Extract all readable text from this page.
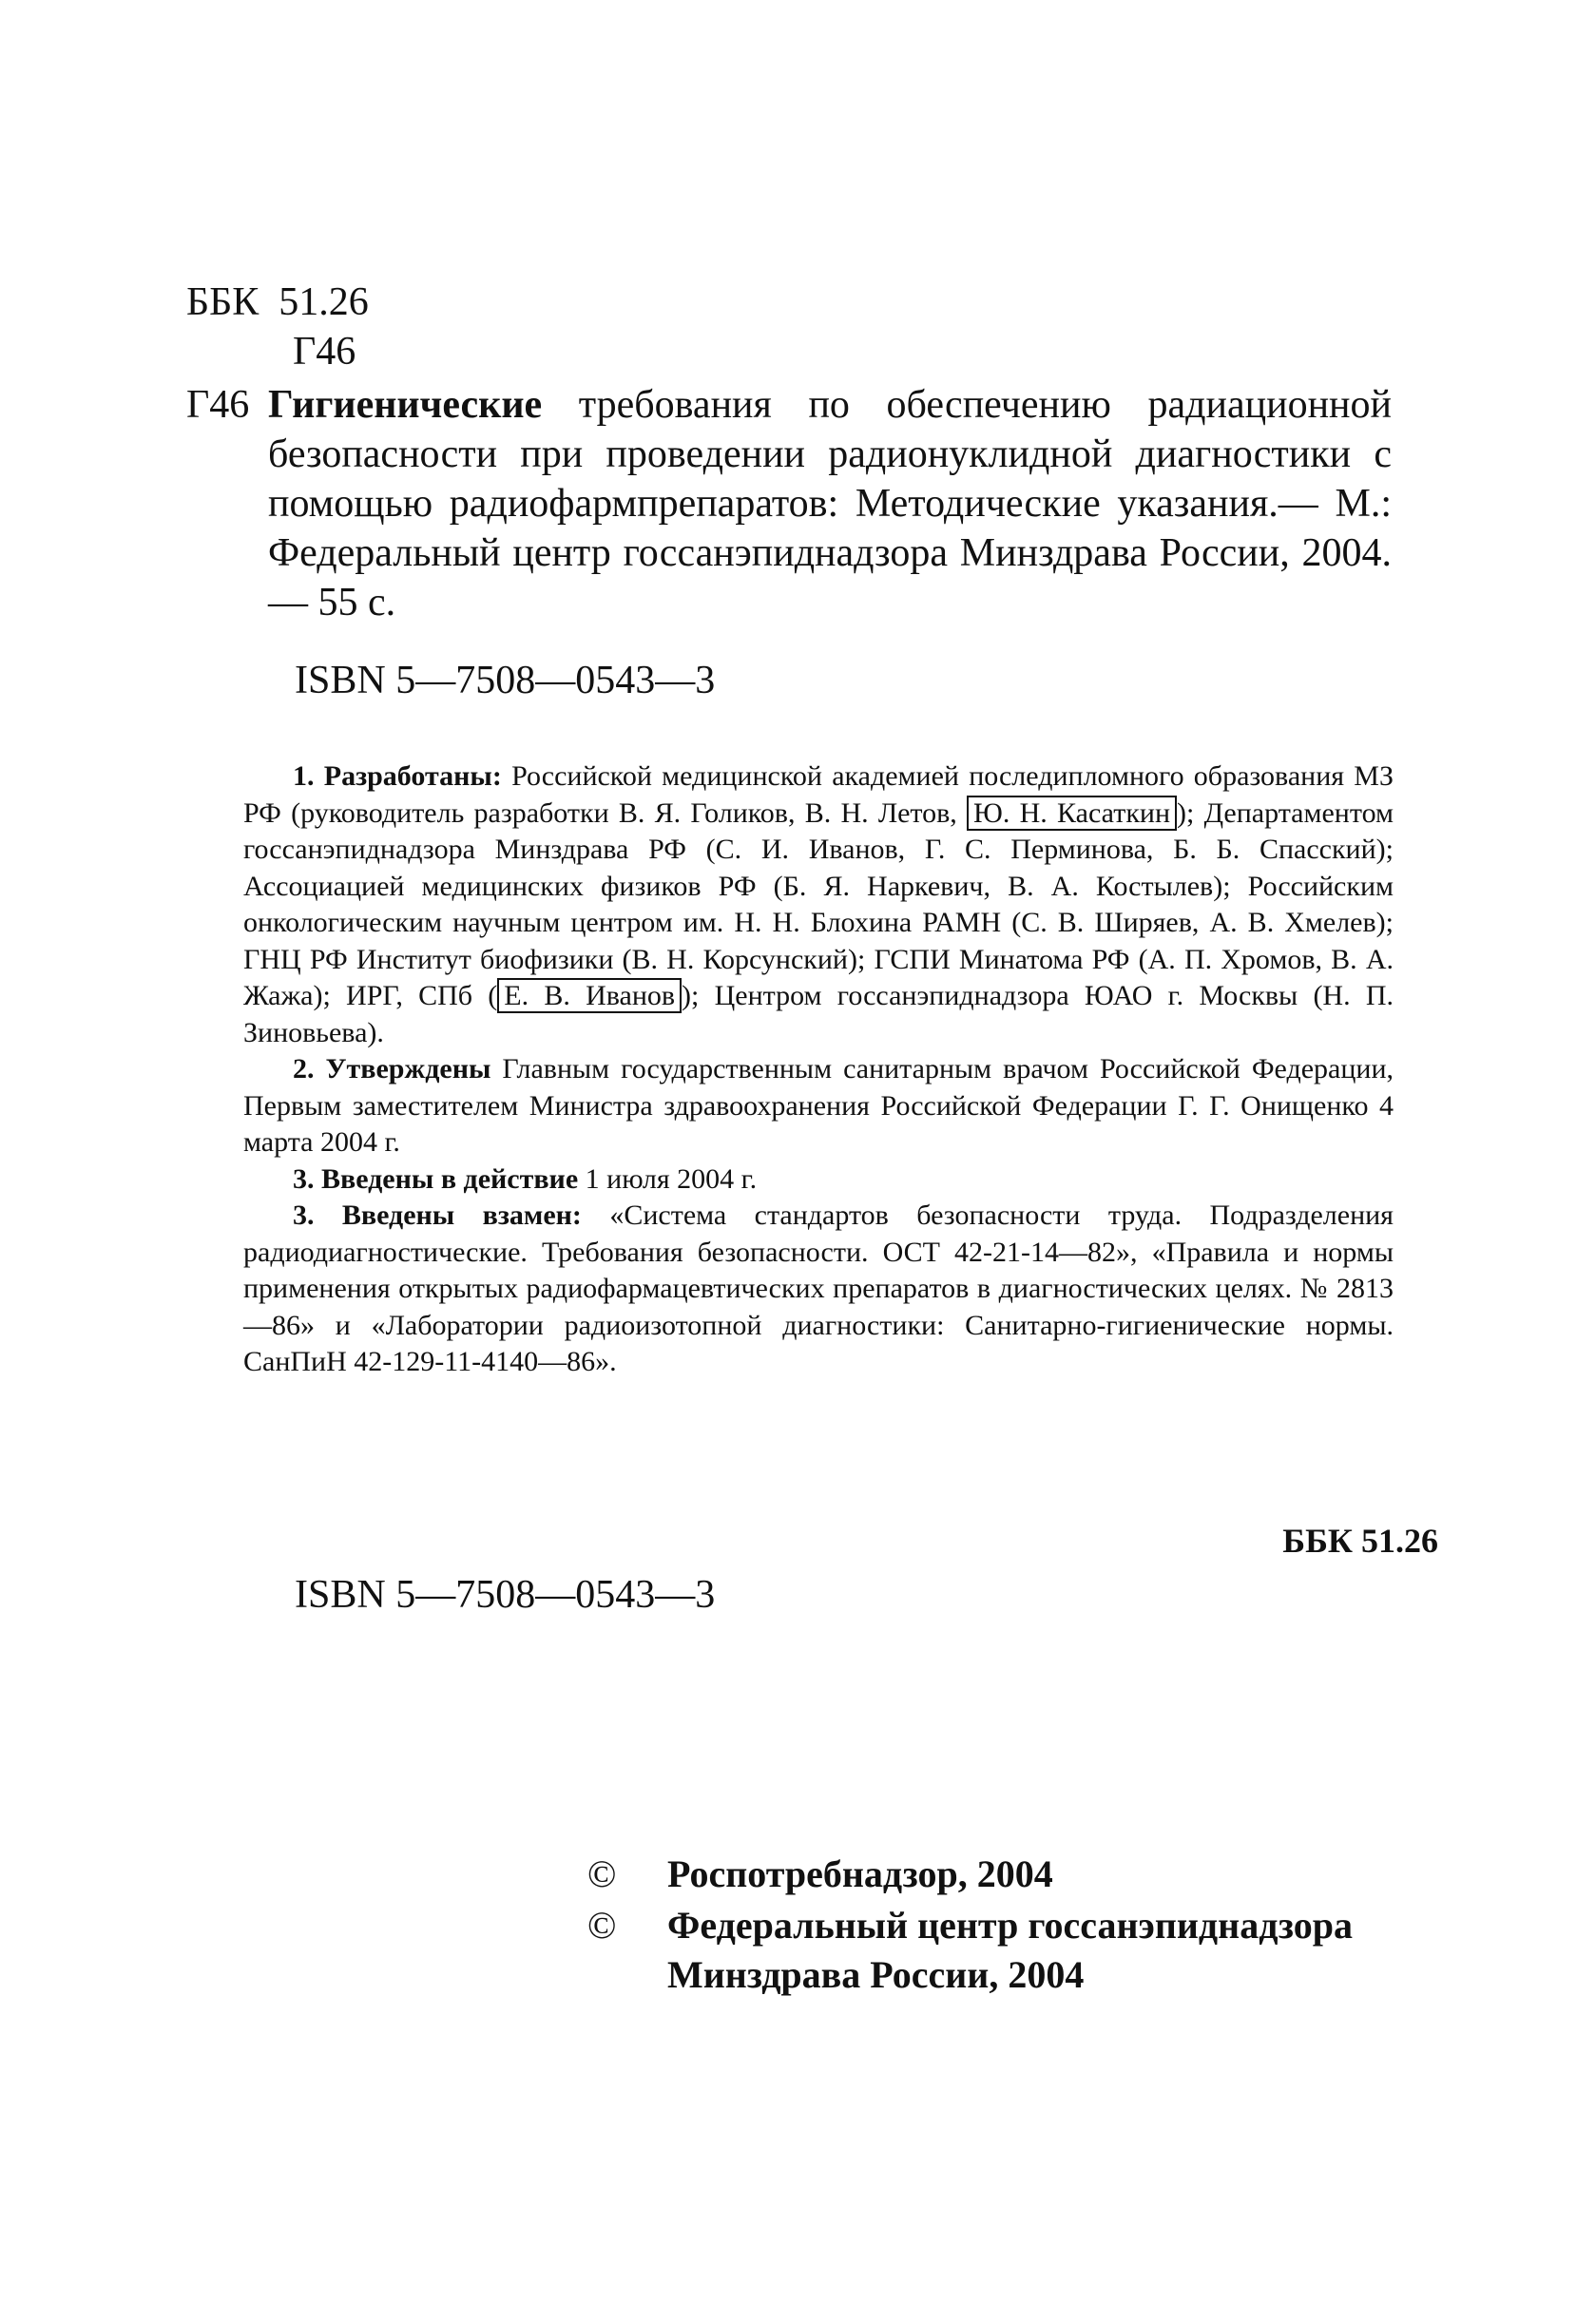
ББК  51.26
Г46
Г46 Гигиенические требования по обеспечению радиационной безопасности при проведении радионуклидной диагностики с помощью радиофармпрепаратов: Методические указания.— М.: Федеральный центр госсанэпиднадзора Минздрава России, 2004.— 55 с.
ISBN 5—7508—0543—3

1. Разработаны: Российской медицинской академией последипломного образования МЗ РФ (руководитель разработки В. Я. Голиков, В. Н. Летов, Ю. Н. Касаткин ); Департаментом госсанэпиднадзора Минздрава РФ (С. И. Иванов, Г. С. Перминова, Б. Б. Спасский); Ассоциацией медицинских физиков РФ (Б. Я. Наркевич, В. А. Костылев); Российским онкологическим научным центром им. Н. Н. Блохина РАМН (С. В. Ширяев, А. В. Хмелев); ГНЦ РФ Институт биофизики (В. Н. Корсунский); ГСПИ Минатома РФ (А. П. Хромов, В. А. Жажа); ИРГ, СПб ( Е. В. Иванов ); Центром госсанэпиднадзора ЮАО г. Москвы (Н. П. Зиновьева).

2. Утверждены Главным государственным санитарным врачом Российской Федерации, Первым заместителем Министра здравоохранения Российской Федерации Г. Г. Онищенко 4 марта 2004 г.

3. Введены в действие 1 июля 2004 г.

3. Введены взамен: «Система стандартов безопасности труда. Подразделения радиодиагностические. Требования безопасности. ОСТ 42-21-14—82», «Правила и нормы применения открытых радиофармацевтических препаратов в диагностических целях. № 2813—86» и «Лаборатории радиоизотопной диагностики: Санитарно-гигиенические нормы. СанПиН 42-129-11-4140—86».

ББК 51.26
ISBN 5—7508—0543—3
© Роспотребнадзор, 2004
© Федеральный центр госсанэпиднадзора
Минздрава России, 2004
